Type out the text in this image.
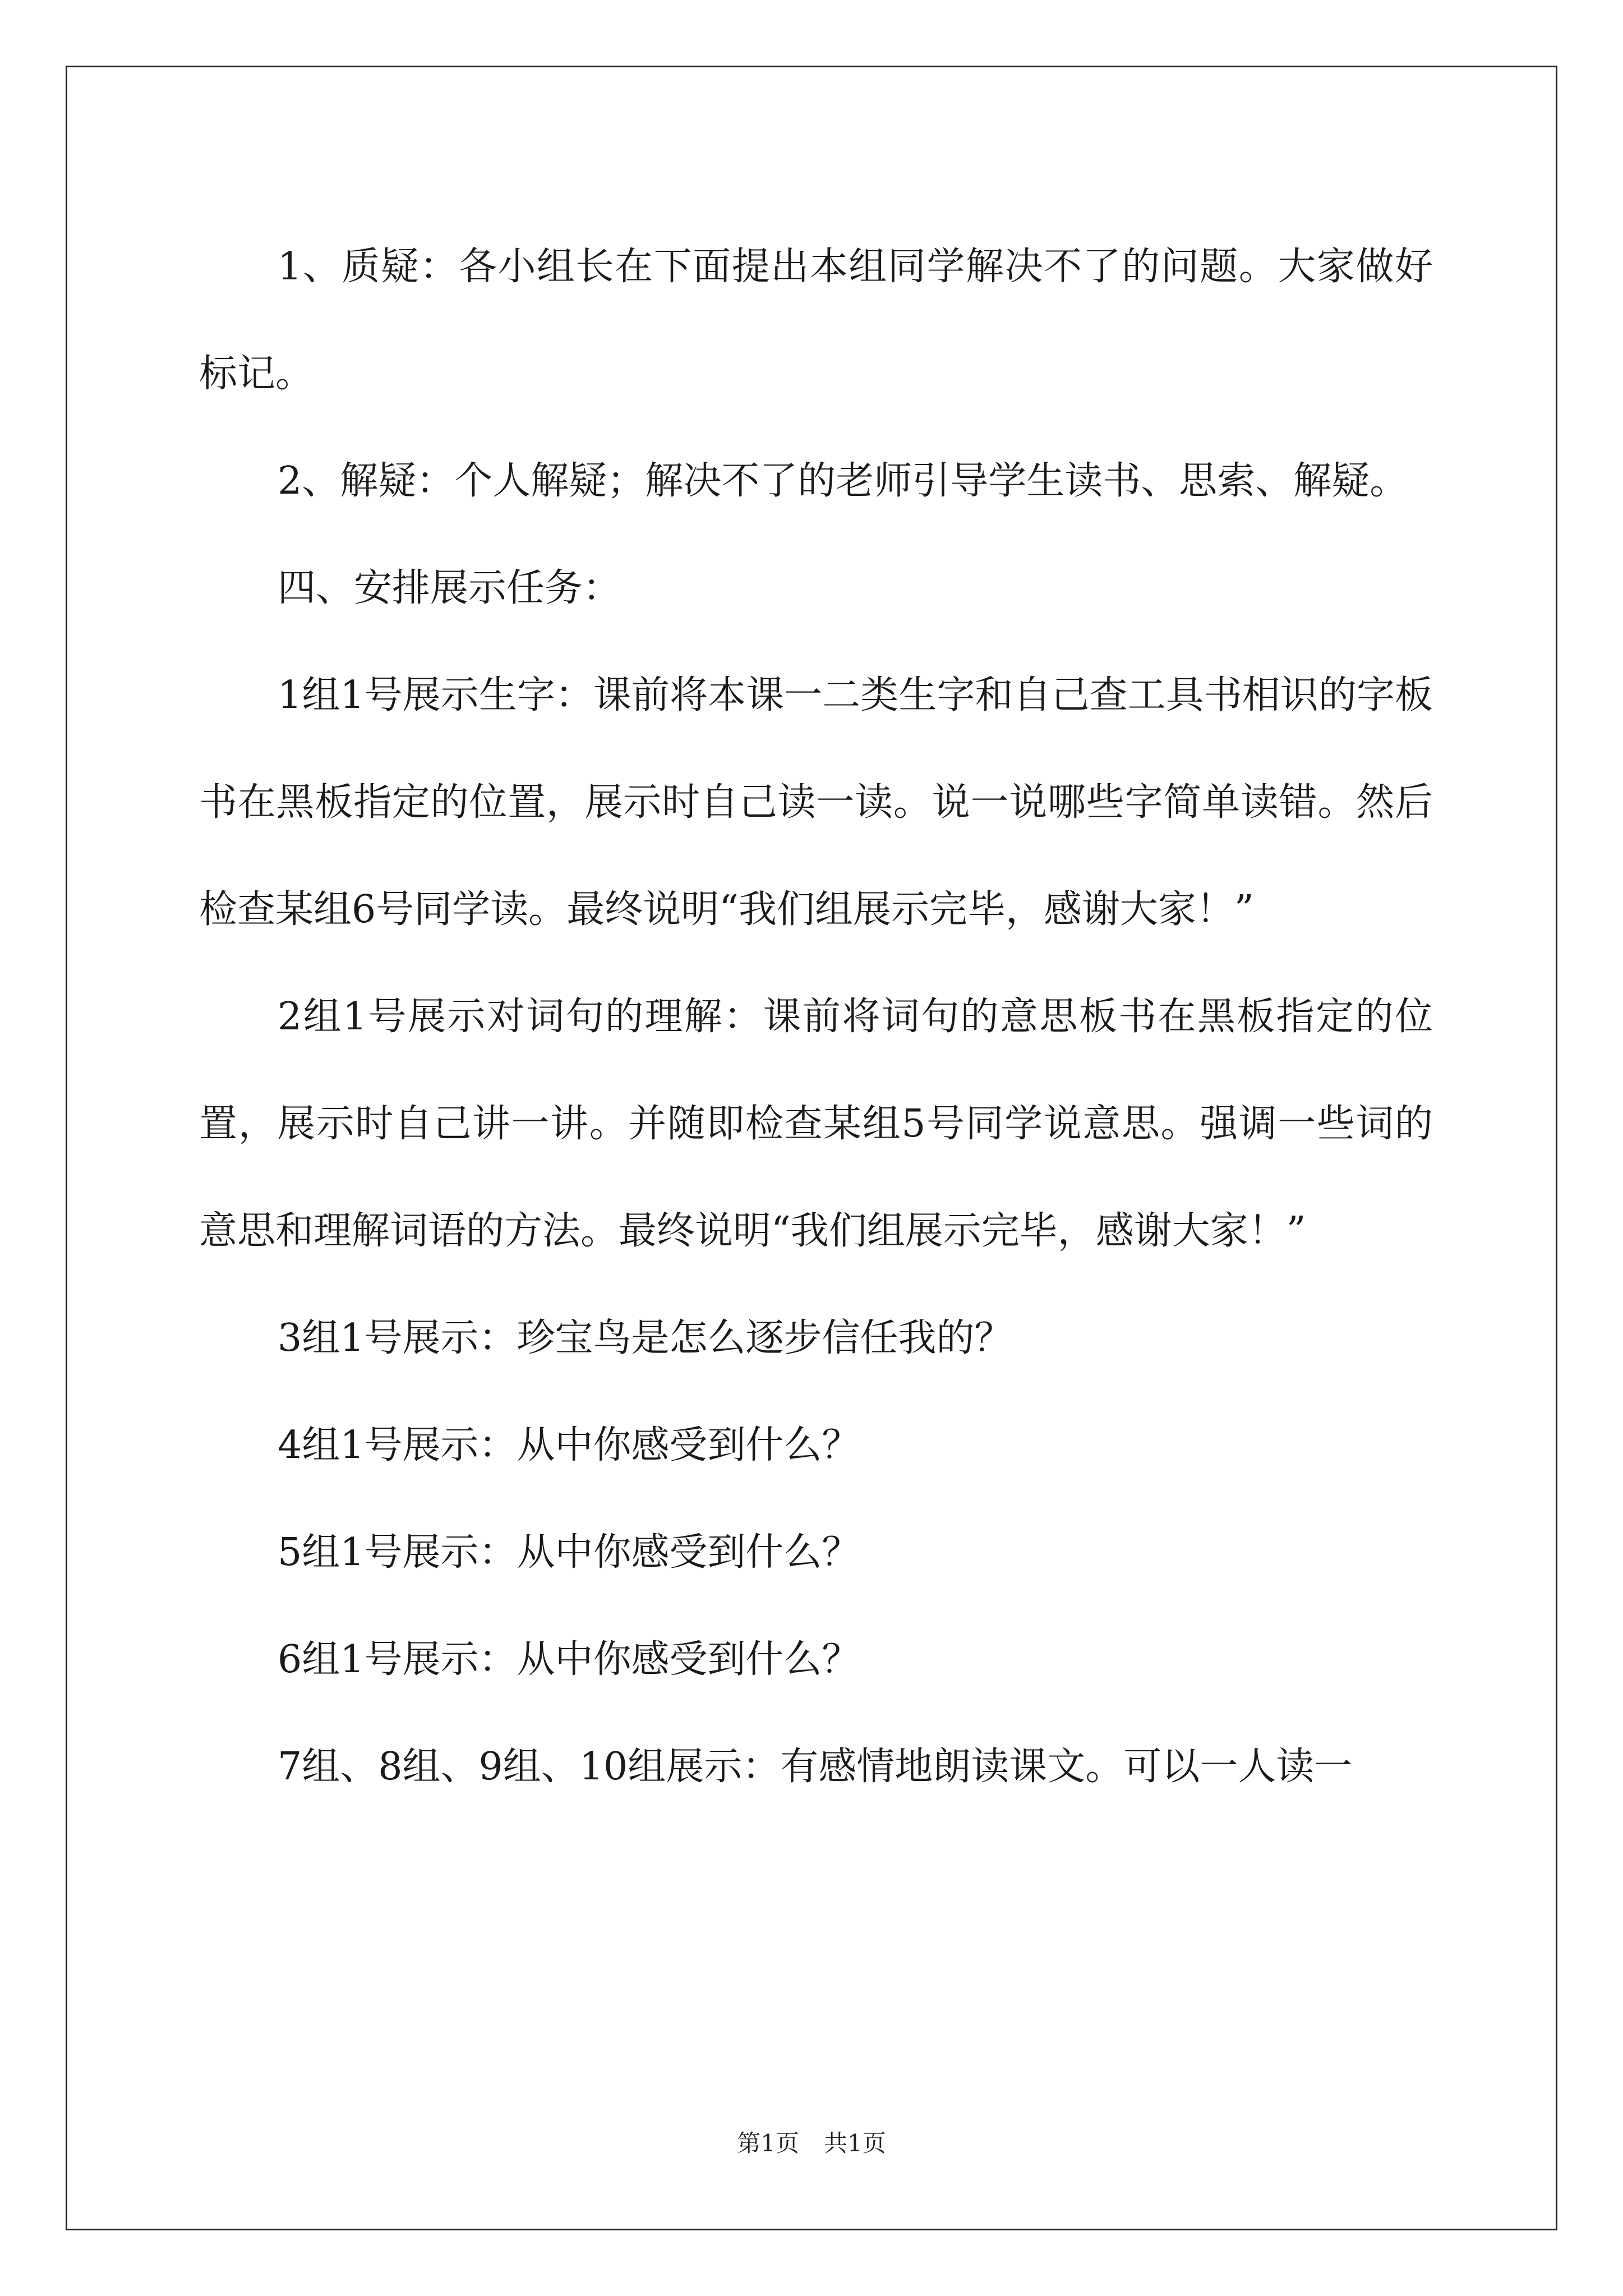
1、质疑：各小组长在下面提出本组同学解决不了的问题。大家做好标记。

2、解疑：个人解疑；解决不了的老师引导学生读书、思索、解疑。

四、安排展示任务：

1组1号展示生字：课前将本课一二类生字和自己查工具书相识的字板书在黑板指定的位置，展示时自己读一读。说一说哪些字简单读错。然后检查某组6号同学读。最终说明“我们组展示完毕，感谢大家！”

2组1号展示对词句的理解：课前将词句的意思板书在黑板指定的位置，展示时自己讲一讲。并随即检查某组5号同学说意思。强调一些词的意思和理解词语的方法。最终说明“我们组展示完毕，感谢大家！”

3组1号展示：珍宝鸟是怎么逐步信任我的？

4组1号展示：从中你感受到什么？

5组1号展示：从中你感受到什么？

6组1号展示：从中你感受到什么？

7组、8组、9组、10组展示：有感情地朗读课文。可以一人读一

第1页 共1页
